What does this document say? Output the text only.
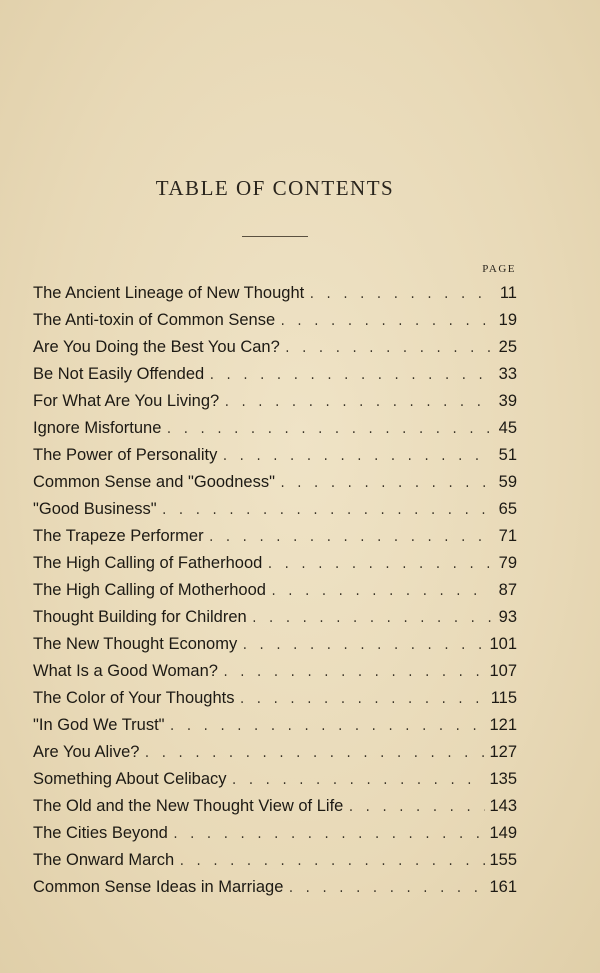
TABLE OF CONTENTS
PAGE
The Ancient Lineage of New Thought . . .	11
The Anti-toxin of Common Sense . . .	19
Are You Doing the Best You Can? . . .	25
Be Not Easily Offended . . .	33
For What Are You Living? . . .	39
Ignore Misfortune . . .	45
The Power of Personality . . .	51
Common Sense and "Goodness" . . .	59
"Good Business" . . .	65
The Trapeze Performer . . .	71
The High Calling of Fatherhood . . .	79
The High Calling of Motherhood . . .	87
Thought Building for Children . . .	93
The New Thought Economy . . .	101
What Is a Good Woman? . . .	107
The Color of Your Thoughts . . .	115
"In God We Trust" . . .	121
Are You Alive? . . .	127
Something About Celibacy . . .	135
The Old and the New Thought View of Life . . .	143
The Cities Beyond . . .	149
The Onward March . . .	155
Common Sense Ideas in Marriage . . .	161
